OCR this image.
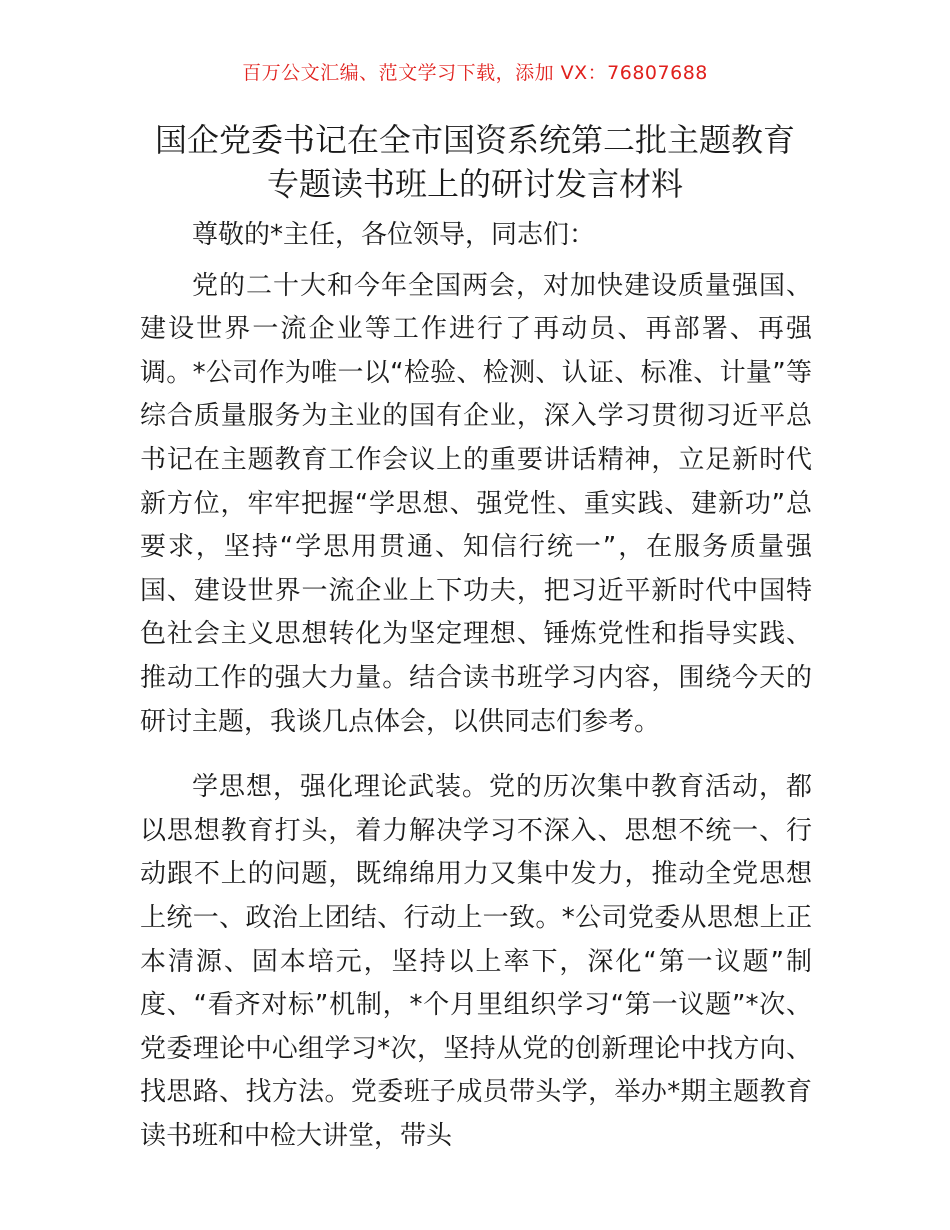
百万公文汇编、范文学习下载，添加 VX：76807688
国企党委书记在全市国资系统第二批主题教育
专题读书班上的研讨发言材料

尊敬的*主任，各位领导，同志们：

党的二十大和今年全国两会，对加快建设质量强国、建设世界一流企业等工作进行了再动员、再部署、再强调。*公司作为唯一以“检验、检测、认证、标准、计量”等综合质量服务为主业的国有企业，深入学习贯彻习近平总书记在主题教育工作会议上的重要讲话精神，立足新时代新方位，牢牢把握“学思想、强党性、重实践、建新功”总要求，坚持“学思用贯通、知信行统一”，在服务质量强国、建设世界一流企业上下功夫，把习近平新时代中国特色社会主义思想转化为坚定理想、锤炼党性和指导实践、推动工作的强大力量。结合读书班学习内容，围绕今天的研讨主题，我谈几点体会，以供同志们参考。

学思想，强化理论武装。党的历次集中教育活动，都以思想教育打头，着力解决学习不深入、思想不统一、行动跟不上的问题，既绵绵用力又集中发力，推动全党思想上统一、政治上团结、行动上一致。*公司党委从思想上正本清源、固本培元，坚持以上率下，深化“第一议题”制度、“看齐对标”机制，*个月里组织学习“第一议题”*次、党委理论中心组学习*次，坚持从党的创新理论中找方向、找思路、找方法。党委班子成员带头学，举办*期主题教育读书班和中检大讲堂，带头
